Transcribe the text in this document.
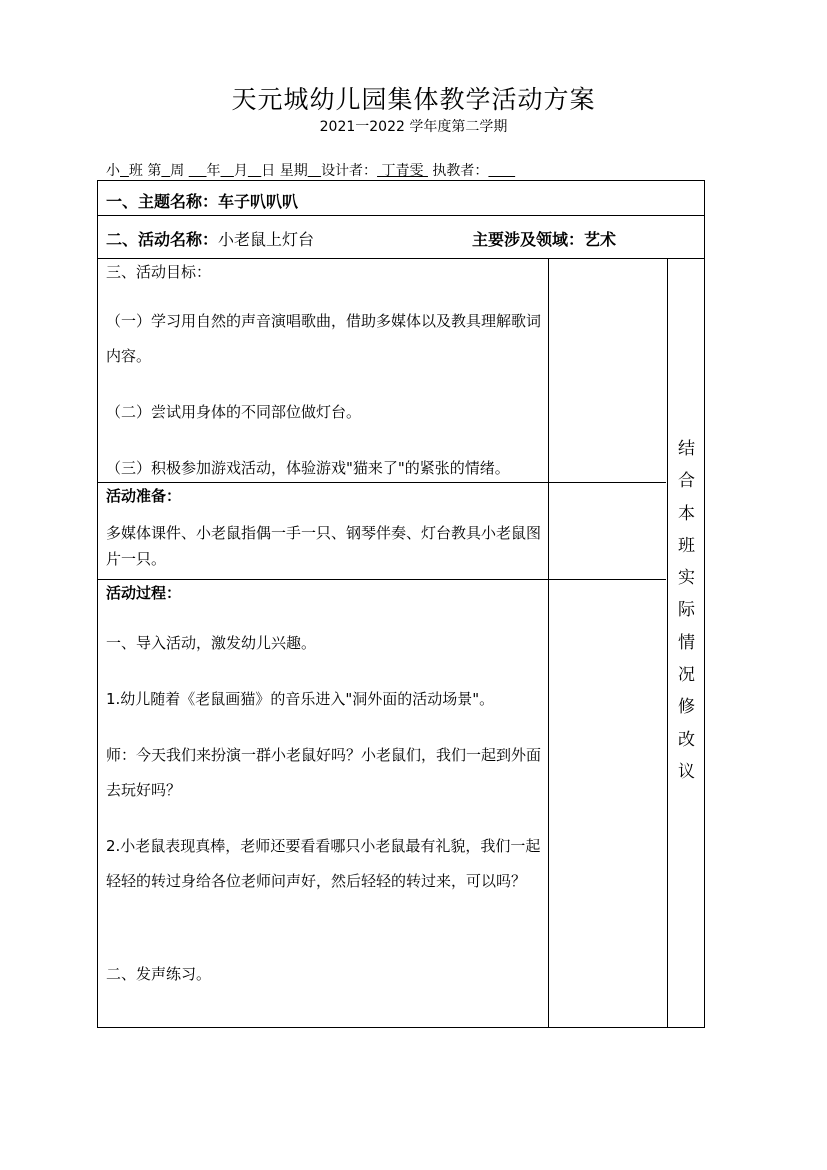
天元城幼儿园集体教学活动方案
2021一2022 学年度第二学期
小 班 第 周 年 月 日 星期 设计者： 丁青雯 执教者：
一、主题名称：车子叭叭叭
二、活动名称：小老鼠上灯台	主要涉及领域：艺术
三、活动目标：
（一）学习用自然的声音演唱歌曲，借助多媒体以及教具理解歌词内容。
（二）尝试用身体的不同部位做灯台。
（三）积极参加游戏活动，体验游戏"猫来了"的紧张的情绪。
活动准备：
多媒体课件、小老鼠指偶一手一只、钢琴伴奏、灯台教具小老鼠图片一只。
活动过程：
一、导入活动，激发幼儿兴趣。
1.幼儿随着《老鼠画猫》的音乐进入"洞外面的活动场景"。
师：今天我们来扮演一群小老鼠好吗？小老鼠们，我们一起到外面去玩好吗？
2.小老鼠表现真棒，老师还要看看哪只小老鼠最有礼貌，我们一起轻轻的转过身给各位老师问声好，然后轻轻的转过来，可以吗？
二、发声练习。
结
合
本
班
实
际
情
况
修
改
议
